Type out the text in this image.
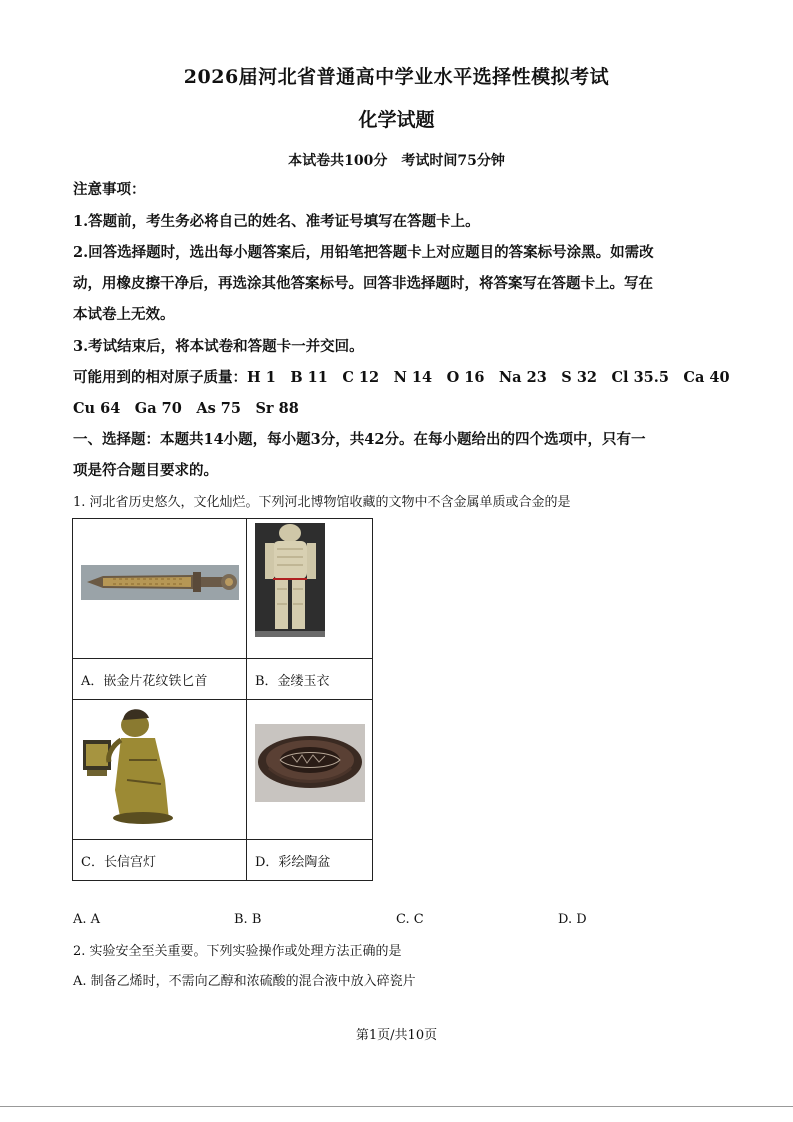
2026届河北省普通高中学业水平选择性模拟考试
化学试题
本试卷共100分　考试时间75分钟
注意事项：
1.答题前，考生务必将自己的姓名、准考证号填写在答题卡上。
2.回答选择题时，选出每小题答案后，用铅笔把答题卡上对应题目的答案标号涂黑。如需改
动，用橡皮擦干净后，再选涂其他答案标号。回答非选择题时，将答案写在答题卡上。写在
本试卷上无效。
3.考试结束后，将本试卷和答题卡一并交回。
可能用到的相对原子质量：H 1　B 11　C 12　N 14　O 16　Na 23　S 32　Cl 35.5　Ca 40
Cu 64　Ga 70　As 75　Sr 88
一、选择题：本题共14小题，每小题3分，共42分。在每小题给出的四个选项中，只有一
项是符合题目要求的。
1. 河北省历史悠久，文化灿烂。下列河北博物馆收藏的文物中不含金属单质或合金的是

A．嵌金片花纹铁匕首	B．金缕玉衣

C．长信宫灯	D．彩绘陶盆
A. A	B. B	C. C	D. D
2. 实验安全至关重要。下列实验操作或处理方法正确的是
A. 制备乙烯时，不需向乙醇和浓硫酸的混合液中放入碎瓷片
第1页/共10页
